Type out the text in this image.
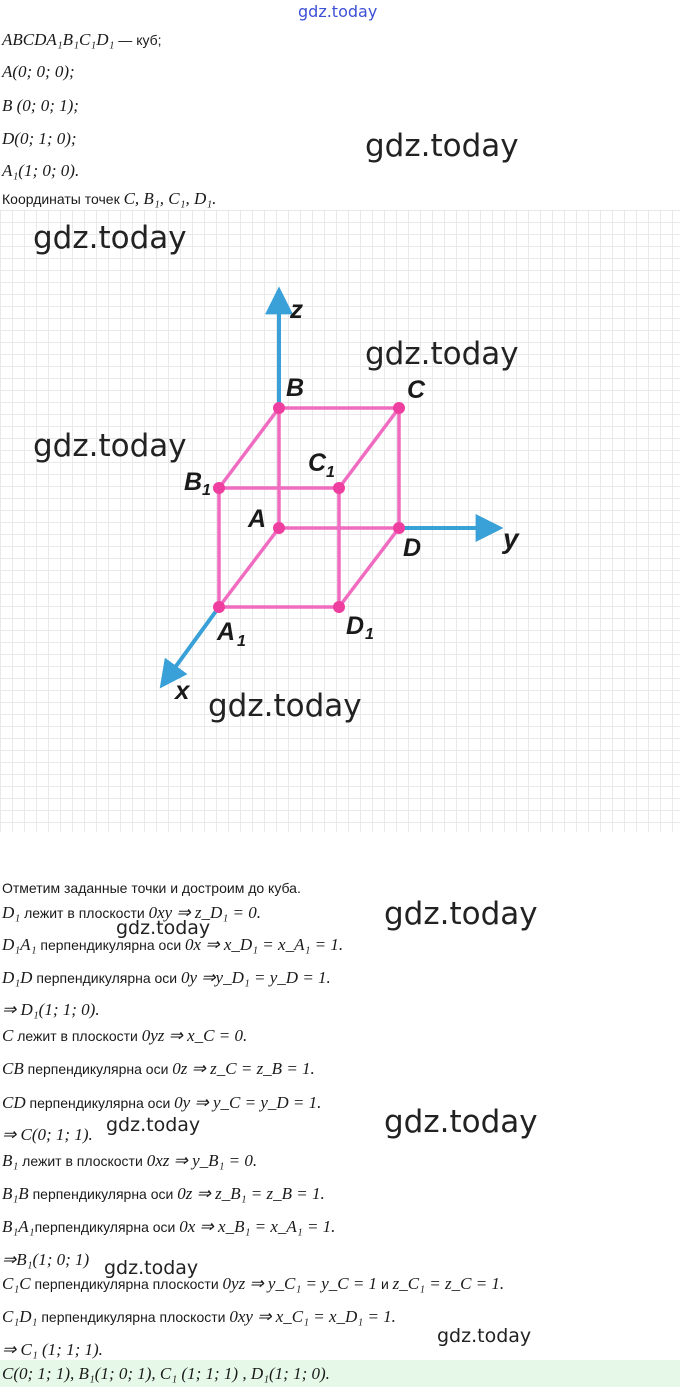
gdz.today
ABCDA₁B₁C₁D₁ — куб;
A(0; 0; 0);
B (0; 0; 1);
D(0; 1; 0);
A₁(1; 0; 0).
Координаты точек C, B₁, C₁, D₁.
gdz.today
z
y
x
B	C
A
D
B 1
C 1
A 1
D 1
gdz.today
gdz.today
gdz.today
gdz.today
Отметим заданные точки и достроим до куба.
D₁ лежит в плоскости 0xy ⇒ z_D₁ = 0.
D₁A₁ перпендикулярна оси 0x ⇒ x_D₁ = x_A₁ = 1.
D₁D перпендикулярна оси 0y ⇒y_D₁ = y_D = 1.
⇒ D₁(1; 1; 0).
C лежит в плоскости 0yz ⇒ x_C = 0.
CB перпендикулярна оси 0z ⇒ z_C = z_B = 1.
CD перпендикулярна оси 0y ⇒ y_C = y_D = 1.
⇒ C(0; 1; 1).
B₁ лежит в плоскости 0xz ⇒ y_B₁ = 0.
B₁B перпендикулярна оси 0z ⇒ z_B₁ = z_B = 1.
B₁A₁перпендикулярна оси 0x ⇒ x_B₁ = x_A₁ = 1.
⇒B₁(1; 0; 1)
C₁C перпендикулярна плоскости 0yz ⇒ y_C₁ = y_C = 1 и z_C₁ = z_C = 1.
C₁D₁ перпендикулярна плоскости 0xy ⇒ x_C₁ = x_D₁ = 1.
⇒ C₁ (1; 1; 1).
C(0; 1; 1), B₁(1; 0; 1), C₁ (1; 1; 1) , D₁(1; 1; 0).
gdz.today
gdz.today
gdz.today
gdz.today
gdz.today
gdz.today
